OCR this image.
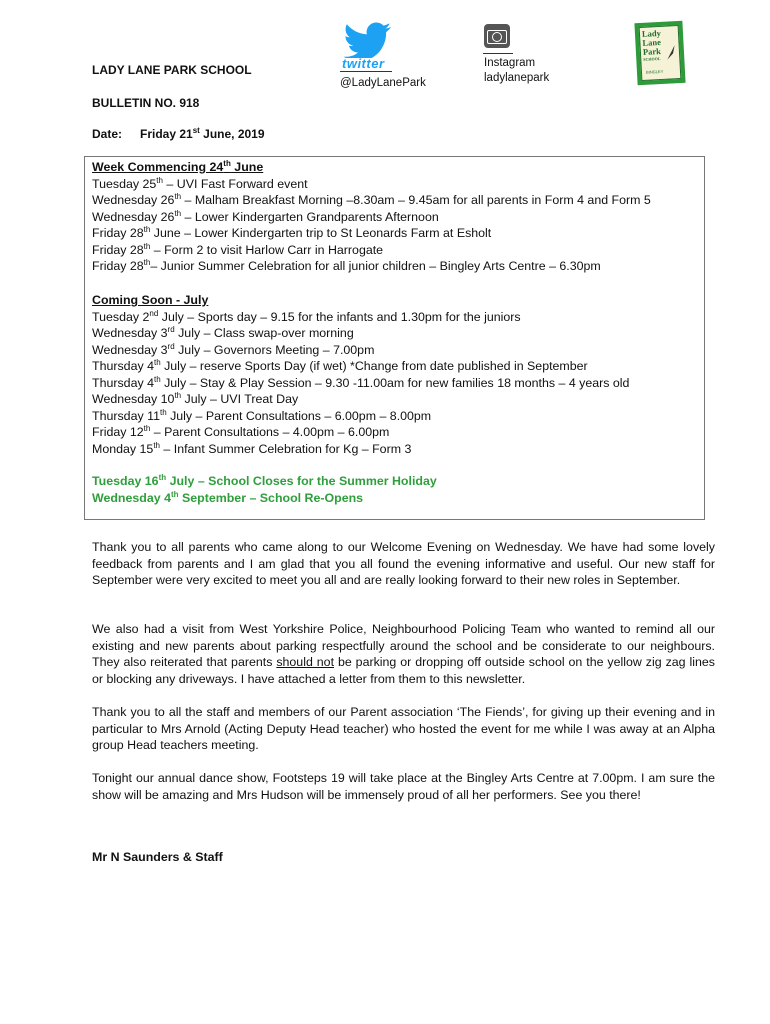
LADY LANE PARK SCHOOL
BULLETIN NO. 918
Date: Friday 21st June, 2019
twitter
@LadyLanePark
Instagram
ladylanepark
Lady
Lane
Park
SCHOOL
BINGLEY
Week Commencing 24th June
Tuesday 25th – UVI Fast Forward event
Wednesday 26th – Malham Breakfast Morning –8.30am – 9.45am for all parents in Form 4 and Form 5
Wednesday 26th – Lower Kindergarten Grandparents Afternoon
Friday 28th June – Lower Kindergarten trip to St Leonards Farm at Esholt
Friday 28th – Form 2 to visit Harlow Carr in Harrogate
Friday 28th– Junior Summer Celebration for all junior children – Bingley Arts Centre – 6.30pm
Coming Soon - July
Tuesday 2nd July – Sports day – 9.15 for the infants and 1.30pm for the juniors
Wednesday 3rd July – Class swap-over morning
Wednesday 3rd July – Governors Meeting – 7.00pm
Thursday 4th July – reserve Sports Day (if wet) *Change from date published in September
Thursday 4th July – Stay & Play Session – 9.30 -11.00am for new families 18 months – 4 years old
Wednesday 10th July – UVI Treat Day
Thursday 11th July – Parent Consultations – 6.00pm – 8.00pm
Friday 12th – Parent Consultations – 4.00pm – 6.00pm
Monday 15th – Infant Summer Celebration for Kg – Form 3
Tuesday 16th July – School Closes for the Summer Holiday
Wednesday 4th September – School Re-Opens
Thank you to all parents who came along to our Welcome Evening on Wednesday. We have had some lovely feedback from parents and I am glad that you all found the evening informative and useful. Our new staff for September were very excited to meet you all and are really looking forward to their new roles in September.
We also had a visit from West Yorkshire Police, Neighbourhood Policing Team who wanted to remind all our existing and new parents about parking respectfully around the school and be considerate to our neighbours. They also reiterated that parents should not be parking or dropping off outside school on the yellow zig zag lines or blocking any driveways. I have attached a letter from them to this newsletter.
Thank you to all the staff and members of our Parent association ‘The Fiends’, for giving up their evening and in particular to Mrs Arnold (Acting Deputy Head teacher) who hosted the event for me while I was away at an Alpha group Head teachers meeting.
Tonight our annual dance show, Footsteps 19 will take place at the Bingley Arts Centre at 7.00pm. I am sure the show will be amazing and Mrs Hudson will be immensely proud of all her performers. See you there!
Mr N Saunders & Staff
